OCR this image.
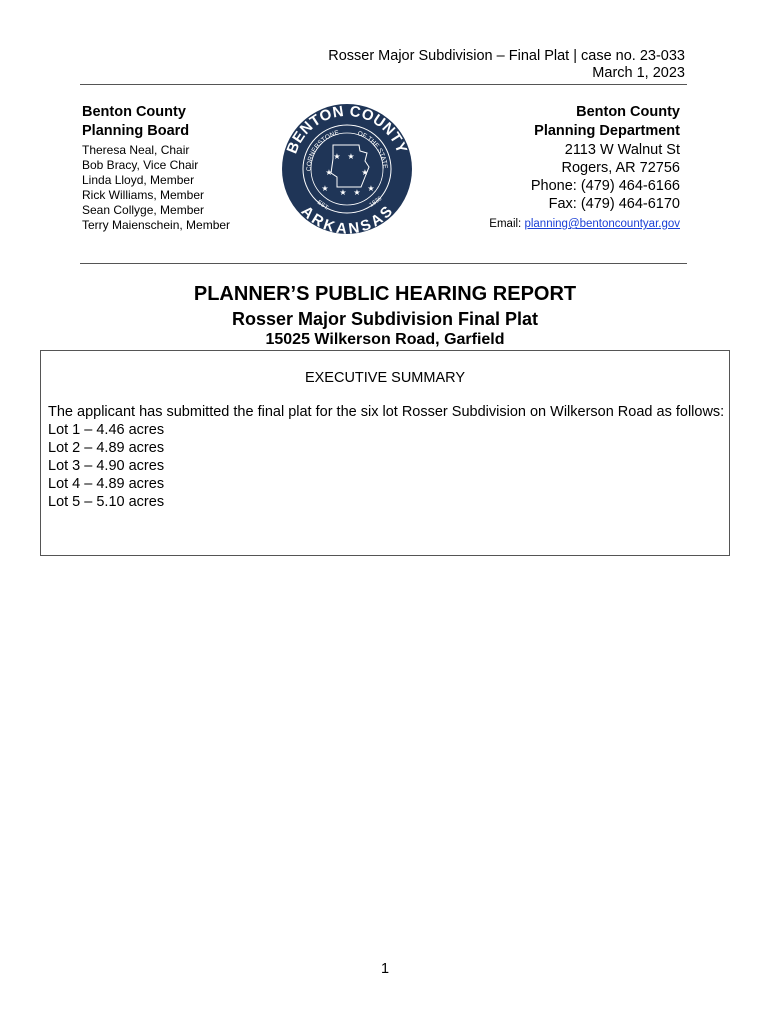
Rosser Major Subdivision – Final Plat | case no. 23-033
March 1, 2023
Benton County
Planning Board
Theresa Neal, Chair
Bob Bracy, Vice Chair
Linda Lloyd, Member
Rick Williams, Member
Sean Collyge, Member
Terry Maienschein, Member
BENTON COUNTY
ARKANSAS
CORNERSTONE	OF THE STATE
EST.	1836
★ ★
★	★
★ ★
★	★
Benton County
Planning Department
2113 W Walnut St
Rogers, AR 72756
Phone: (479) 464-6166
Fax: (479) 464-6170
Email: planning@bentoncountyar.gov
PLANNER’S PUBLIC HEARING REPORT
Rosser Major Subdivision Final Plat
15025 Wilkerson Road, Garfield
EXECUTIVE SUMMARY
The applicant has submitted the final plat for the six lot Rosser Subdivision on Wilkerson Road as follows:
Lot 1 – 4.46 acres
Lot 2 – 4.89 acres
Lot 3 – 4.90 acres
Lot 4 – 4.89 acres
Lot 5 – 5.10 acres
1
